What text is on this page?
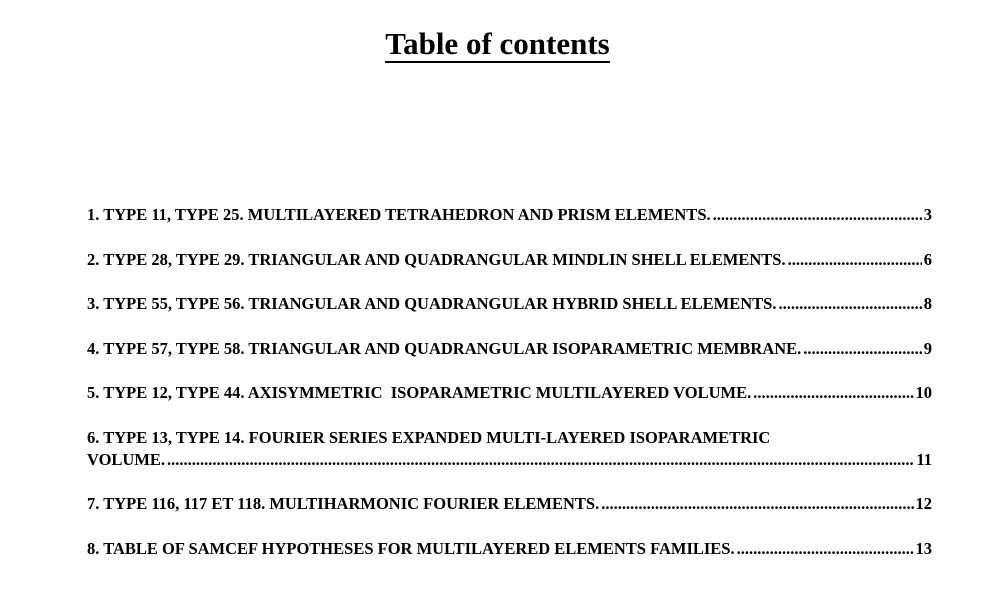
Table of contents
1. TYPE 11, TYPE 25. MULTILAYERED TETRAHEDRON AND PRISM ELEMENTS. .....	3
2. TYPE 28, TYPE 29. TRIANGULAR AND QUADRANGULAR MINDLIN SHELL ELEMENTS. .....	6
3. TYPE 55, TYPE 56. TRIANGULAR AND QUADRANGULAR HYBRID SHELL ELEMENTS. .....	8
4. TYPE 57, TYPE 58. TRIANGULAR AND QUADRANGULAR ISOPARAMETRIC MEMBRANE. .....	9
5. TYPE 12, TYPE 44. AXISYMMETRIC  ISOPARAMETRIC MULTILAYERED VOLUME. .....	10
6. TYPE 13, TYPE 14. FOURIER SERIES EXPANDED MULTI-LAYERED ISOPARAMETRIC
VOLUME. .....	11
7. TYPE 116, 117 ET 118. MULTIHARMONIC FOURIER ELEMENTS. .....	12
8. TABLE OF SAMCEF HYPOTHESES FOR MULTILAYERED ELEMENTS FAMILIES. .....	13
